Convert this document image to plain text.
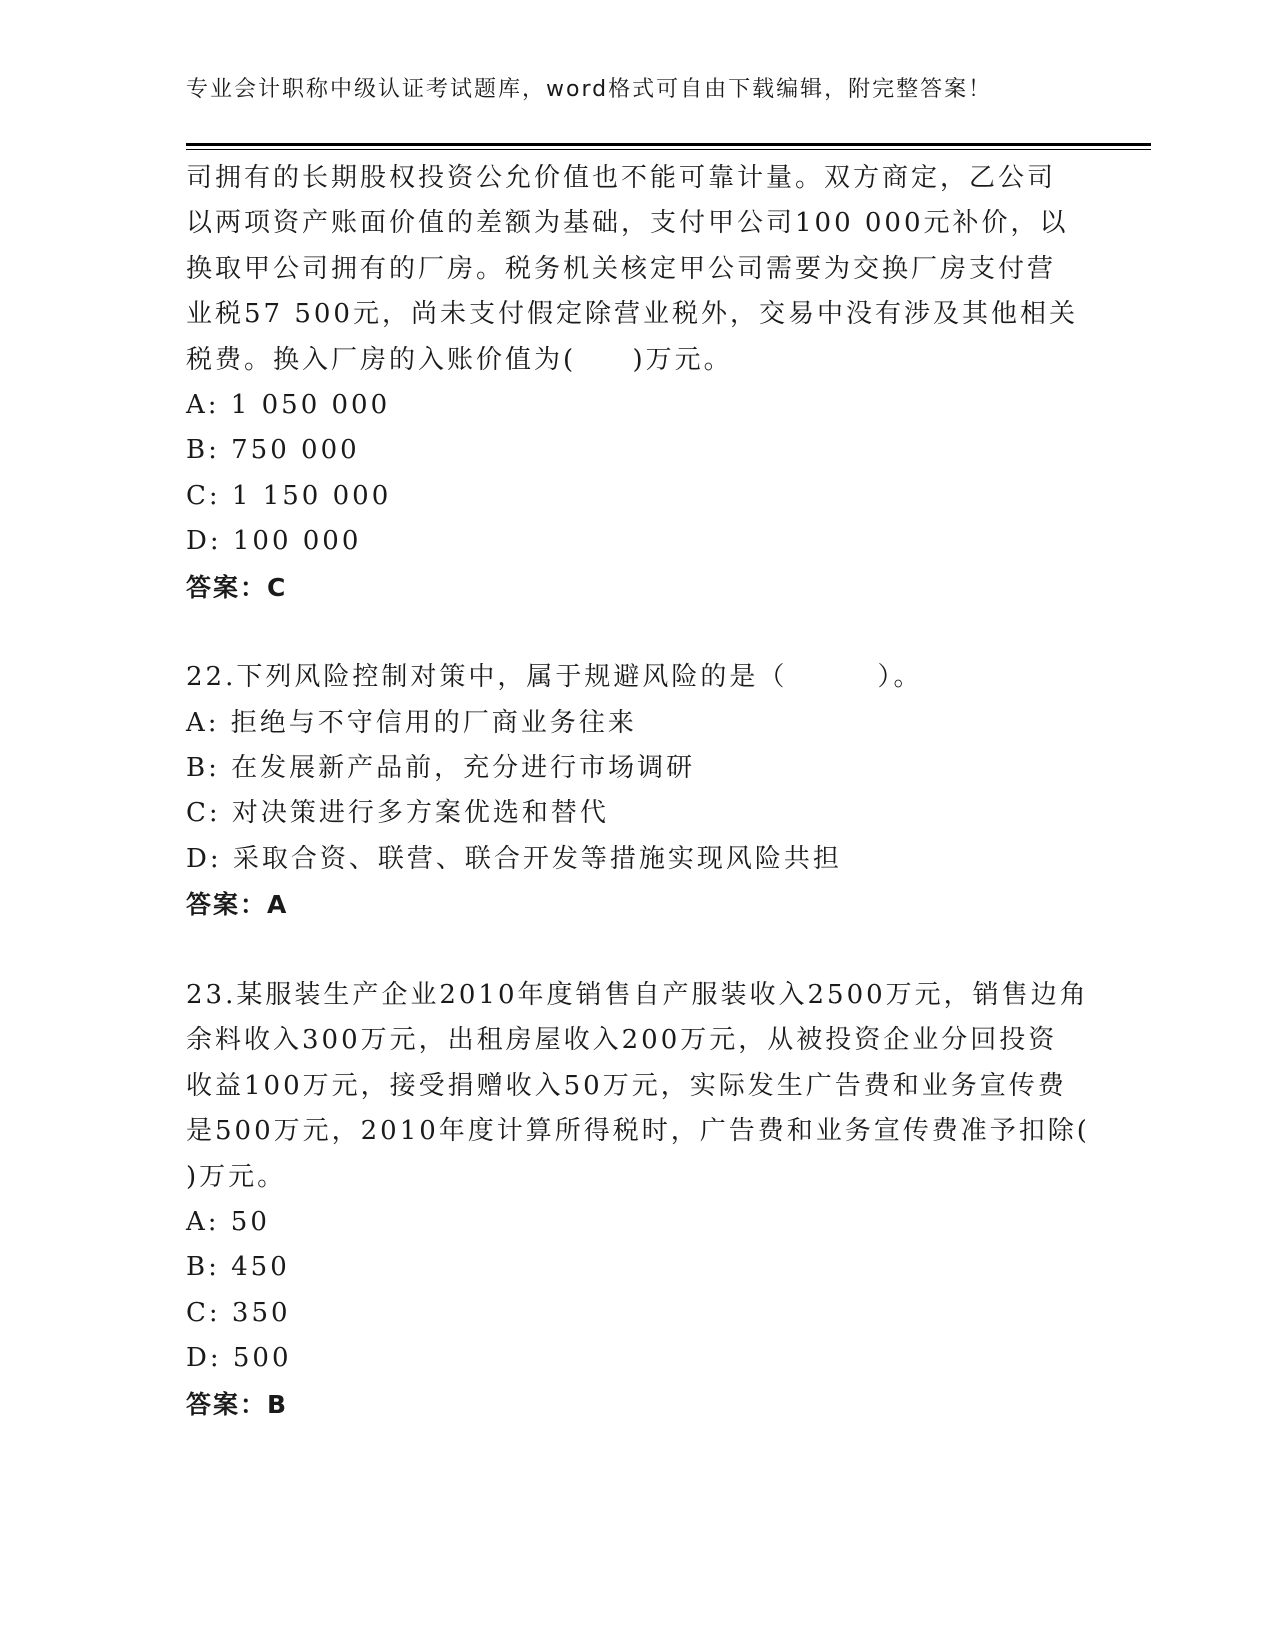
专业会计职称中级认证考试题库，word格式可自由下载编辑，附完整答案！
司拥有的长期股权投资公允价值也不能可靠计量。双方商定，乙公司
以两项资产账面价值的差额为基础，支付甲公司100 000元补价，以
换取甲公司拥有的厂房。税务机关核定甲公司需要为交换厂房支付营
业税57 500元，尚未支付假定除营业税外，交易中没有涉及其他相关
税费。换入厂房的入账价值为(     )万元。
A: 1 050 000
B: 750 000
C: 1 150 000
D: 100 000
答案：C
22.下列风险控制对策中，属于规避风险的是（        ）。
A: 拒绝与不守信用的厂商业务往来
B: 在发展新产品前，充分进行市场调研
C: 对决策进行多方案优选和替代
D: 采取合资、联营、联合开发等措施实现风险共担
答案：A
23.某服装生产企业2010年度销售自产服装收入2500万元，销售边角
余料收入300万元，出租房屋收入200万元，从被投资企业分回投资
收益100万元，接受捐赠收入50万元，实际发生广告费和业务宣传费
是500万元，2010年度计算所得税时，广告费和业务宣传费准予扣除(
)万元。
A: 50
B: 450
C: 350
D: 500
答案：B
